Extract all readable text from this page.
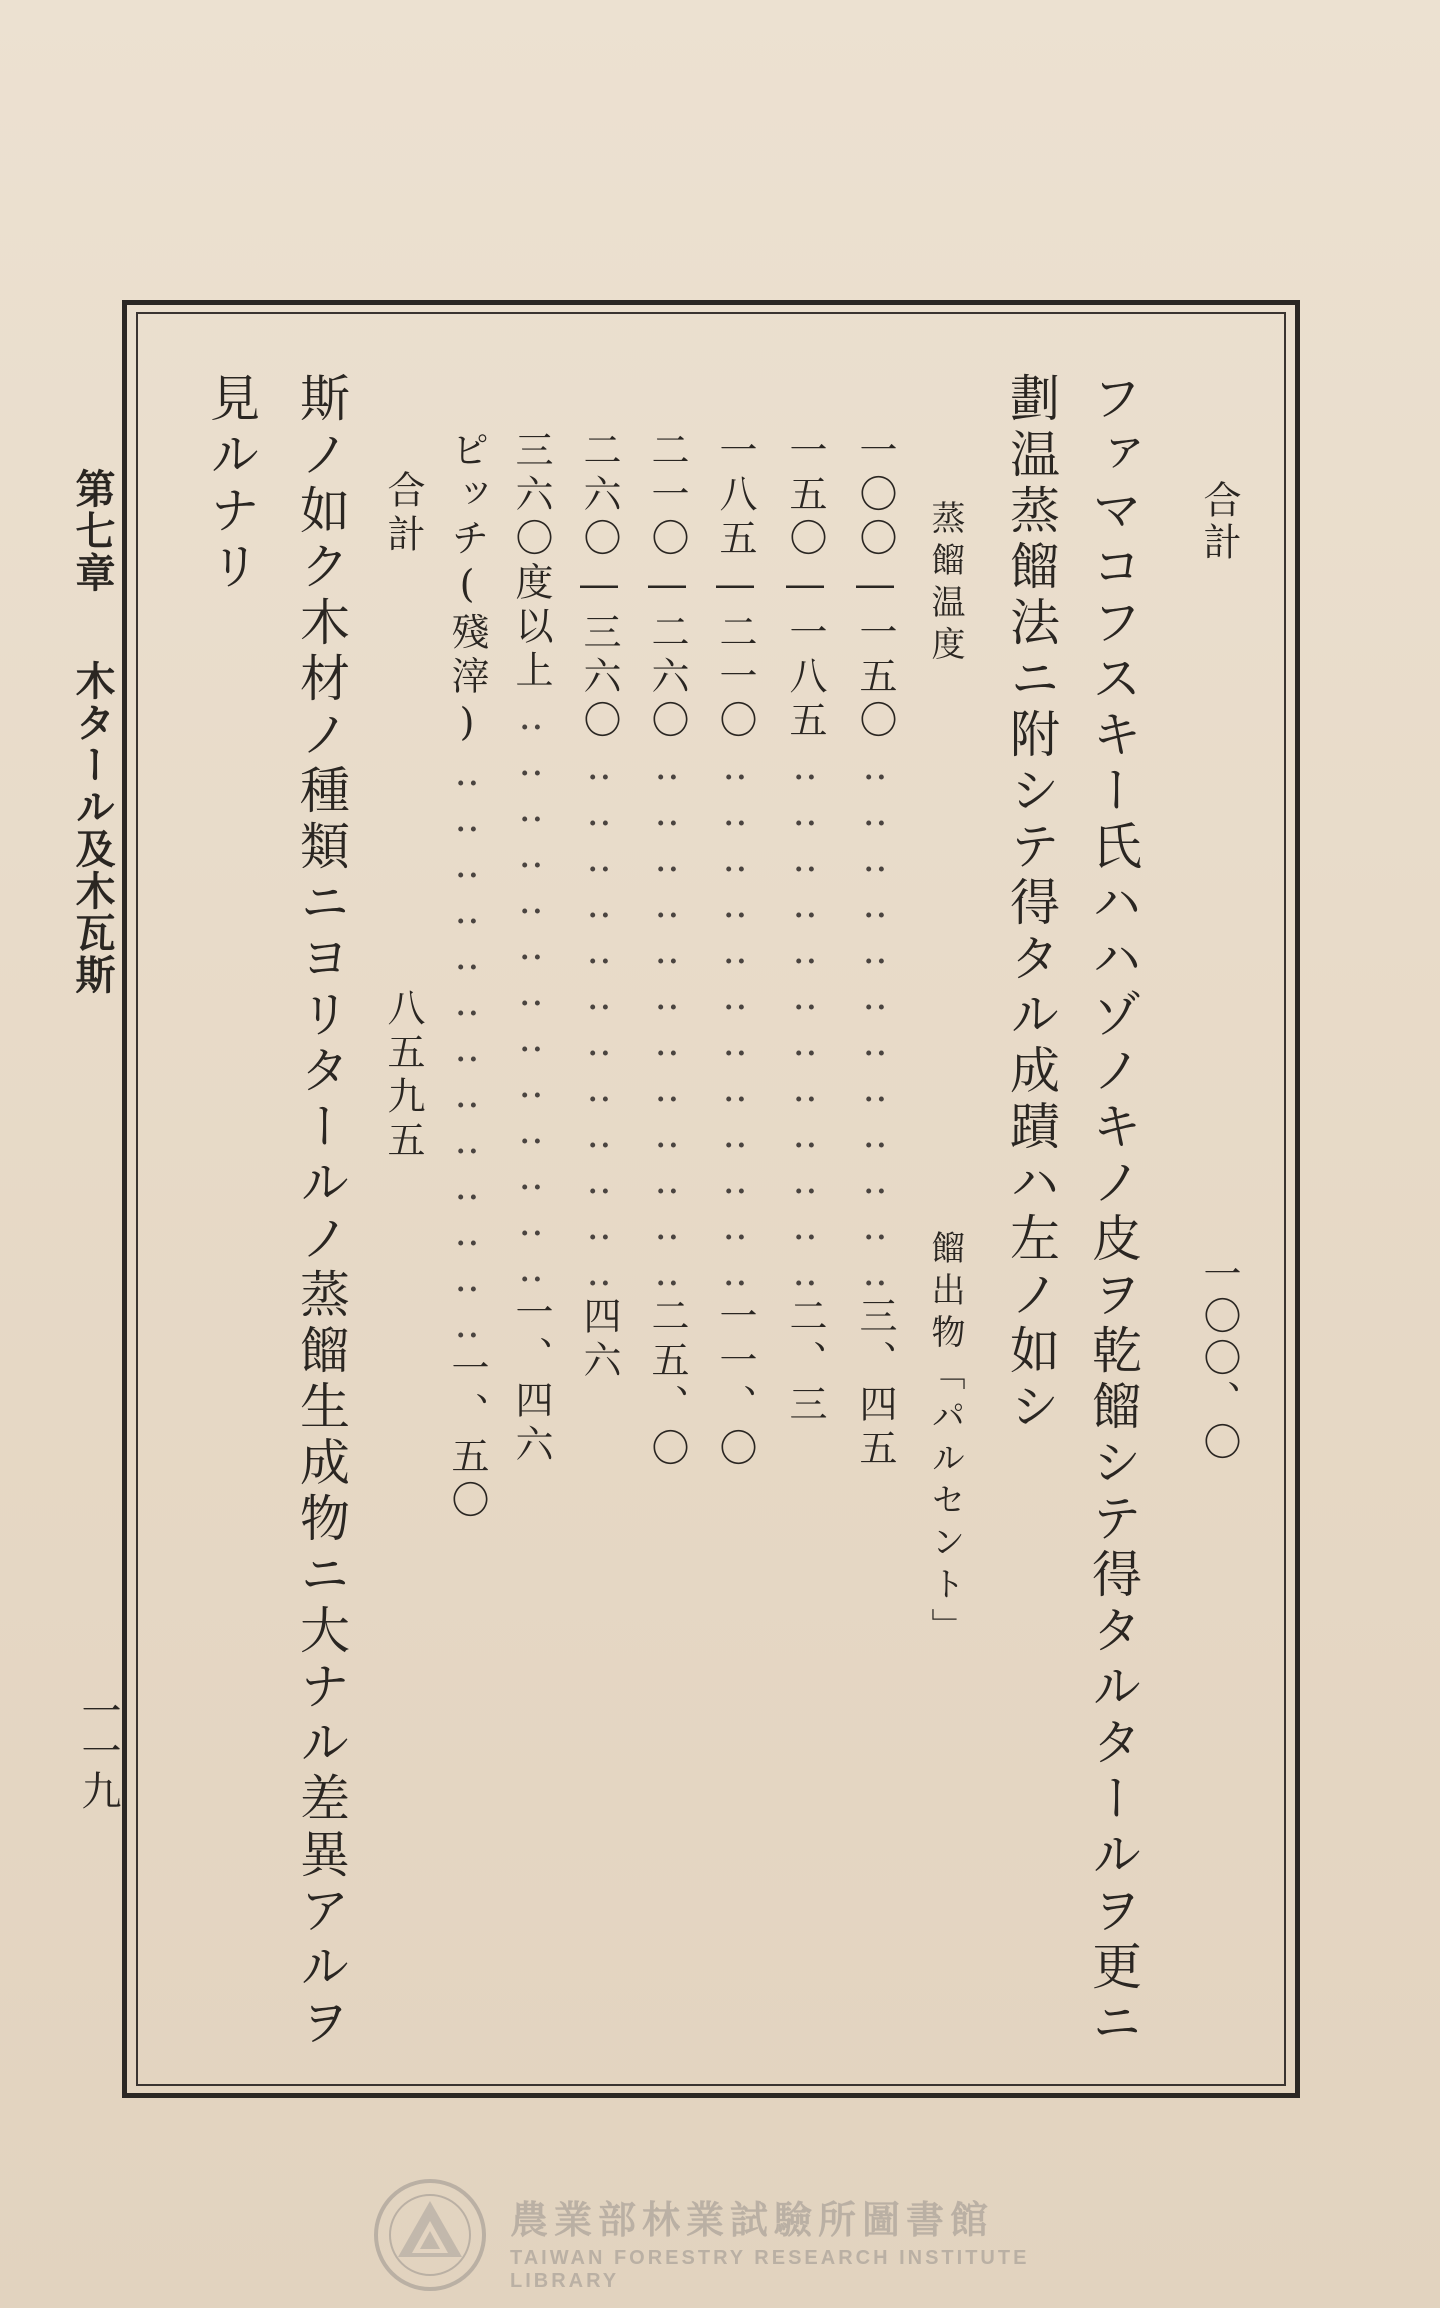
第七章
木タール及木瓦斯
一一九
合計一〇〇、〇
ファマコフスキー氏ハハゾノキノ皮ヲ乾餾シテ得タルタールヲ更ニ
劃温蒸餾法ニ附シテ得タル成蹟ハ左ノ如シ
蒸餾温度
餾出物「パルセント」
一〇〇―一五〇‥‥‥‥‥‥‥‥‥‥‥‥三、四五
一五〇―一八五‥‥‥‥‥‥‥‥‥‥‥‥二、三
一八五―二一〇‥‥‥‥‥‥‥‥‥‥‥‥一一、〇
二一〇―二六〇‥‥‥‥‥‥‥‥‥‥‥‥二五、〇
二六〇―三六〇‥‥‥‥‥‥‥‥‥‥‥‥四六
三六〇度以上‥‥‥‥‥‥‥‥‥‥‥‥‥一、四六
ピッチ(殘滓)‥‥‥‥‥‥‥‥‥‥‥‥‥一、五〇
合計八五九五
斯ノ如ク木材ノ種類ニヨリタールノ蒸餾生成物ニ大ナル差異アルヲ
見ルナリ
農業部林業試驗所圖書館
TAIWAN FORESTRY RESEARCH INSTITUTE LIBRARY
